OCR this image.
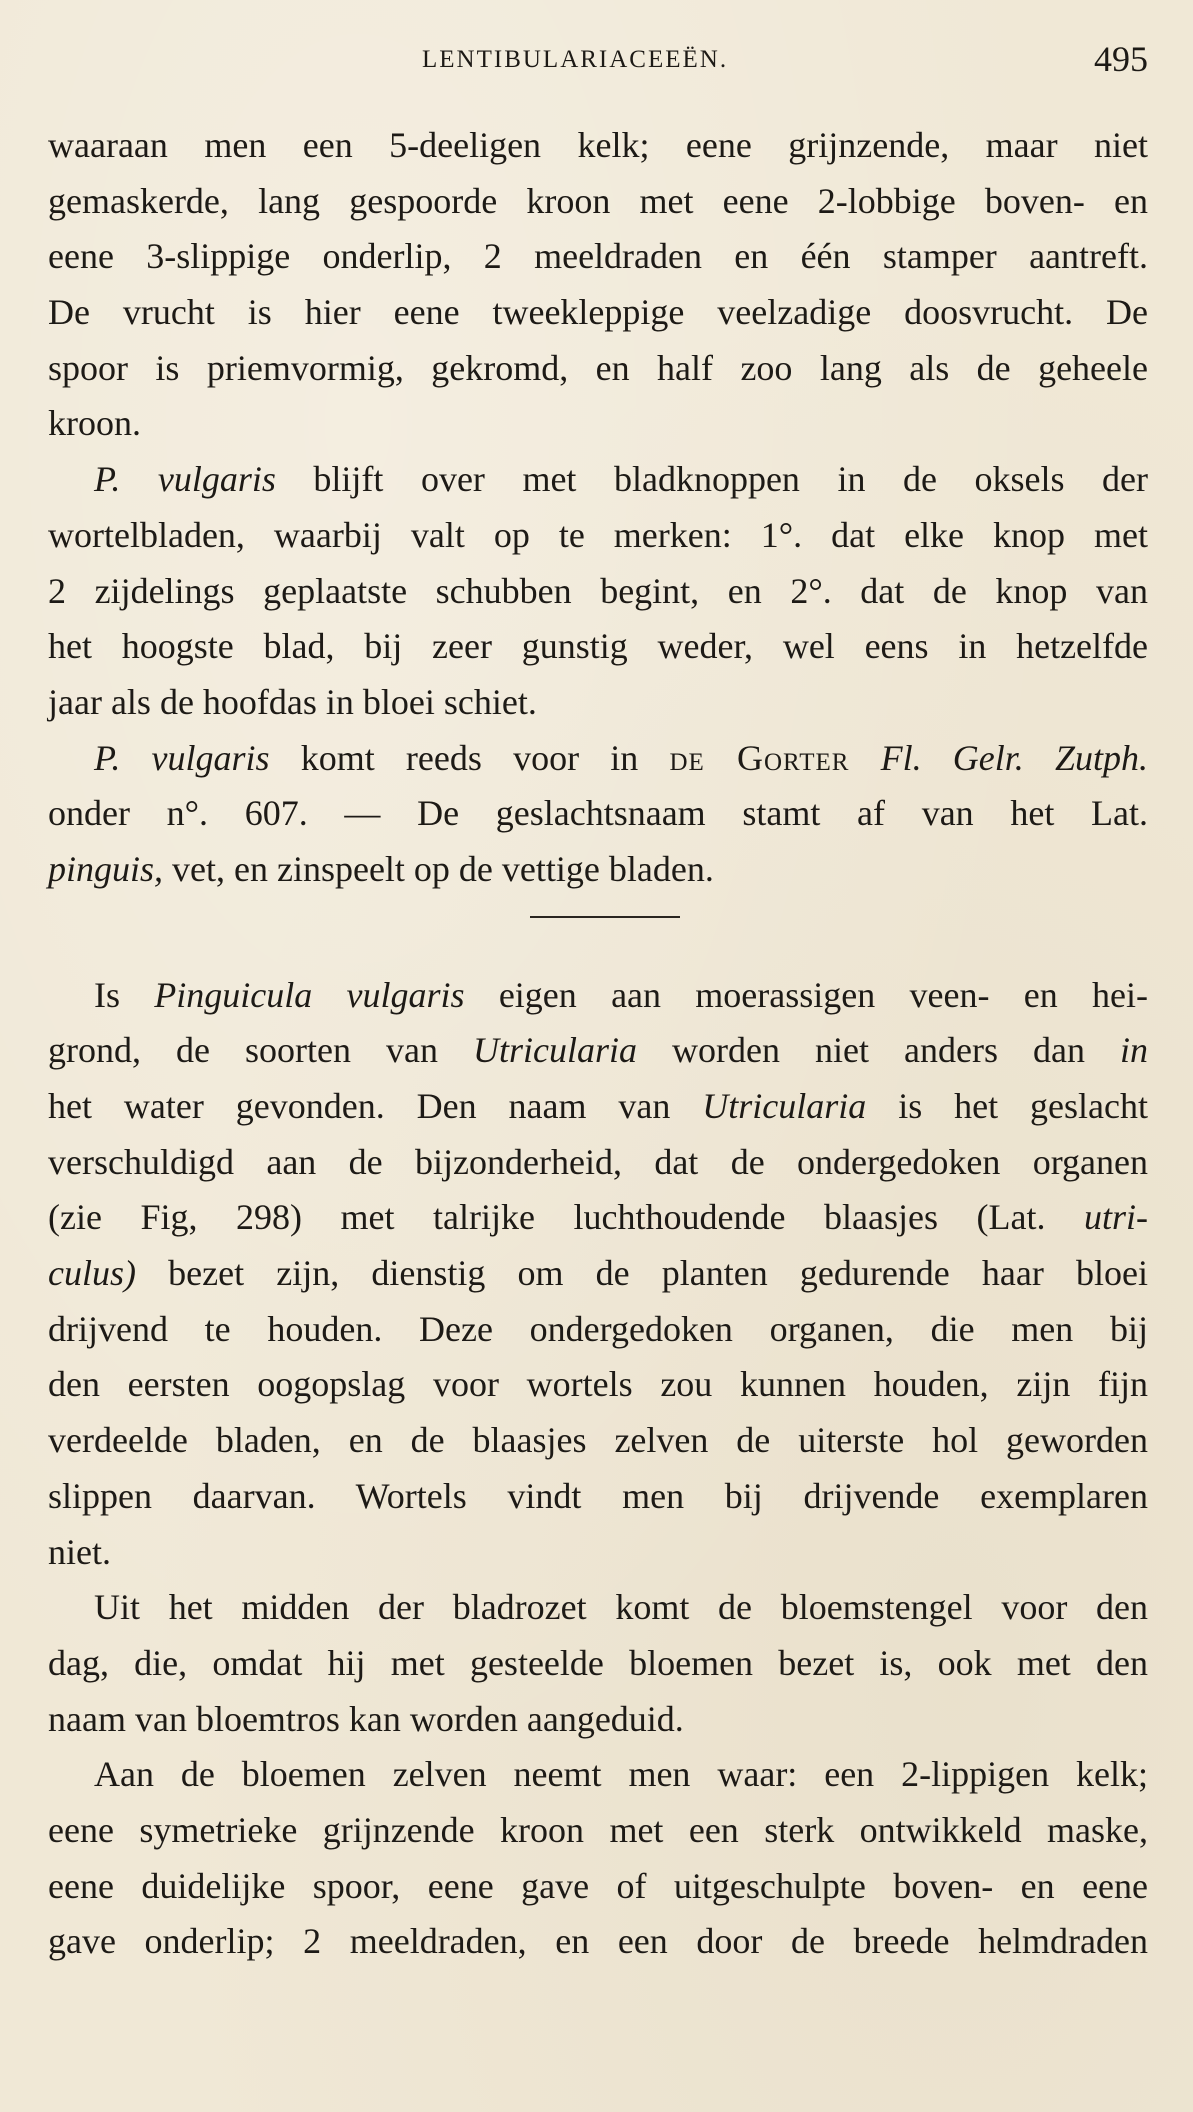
LENTIBULARIACEEËN.	495
waaraan men een 5-deeligen kelk; eene grijnzende, maar niet
gemaskerde, lang gespoorde kroon met eene 2-lobbige boven- en
eene 3-slippige onderlip, 2 meeldraden en één stamper aantreft.
De vrucht is hier eene tweekleppige veelzadige doosvrucht. De
spoor is priemvormig, gekromd, en half zoo lang als de geheele
kroon.
P. vulgaris blijft over met bladknoppen in de oksels der
wortelbladen, waarbij valt op te merken: 1°. dat elke knop met
2 zijdelings geplaatste schubben begint, en 2°. dat de knop van
het hoogste blad, bij zeer gunstig weder, wel eens in hetzelfde
jaar als de hoofdas in bloei schiet.
P. vulgaris komt reeds voor in de Gorter Fl. Gelr. Zutph.
onder n°. 607. — De geslachtsnaam stamt af van het Lat.
pinguis, vet, en zinspeelt op de vettige bladen.
Is Pinguicula vulgaris eigen aan moerassigen veen- en hei-
grond, de soorten van Utricularia worden niet anders dan in
het water gevonden. Den naam van Utricularia is het geslacht
verschuldigd aan de bijzonderheid, dat de ondergedoken organen
(zie Fig, 298) met talrijke luchthoudende blaasjes (Lat. utri-
culus) bezet zijn, dienstig om de planten gedurende haar bloei
drijvend te houden. Deze ondergedoken organen, die men bij
den eersten oogopslag voor wortels zou kunnen houden, zijn fijn
verdeelde bladen, en de blaasjes zelven de uiterste hol geworden
slippen daarvan. Wortels vindt men bij drijvende exemplaren
niet.
Uit het midden der bladrozet komt de bloemstengel voor den
dag, die, omdat hij met gesteelde bloemen bezet is, ook met den
naam van bloemtros kan worden aangeduid.
Aan de bloemen zelven neemt men waar: een 2-lippigen kelk;
eene symetrieke grijnzende kroon met een sterk ontwikkeld maske,
eene duidelijke spoor, eene gave of uitgeschulpte boven- en eene
gave onderlip; 2 meeldraden, en een door de breede helmdraden
